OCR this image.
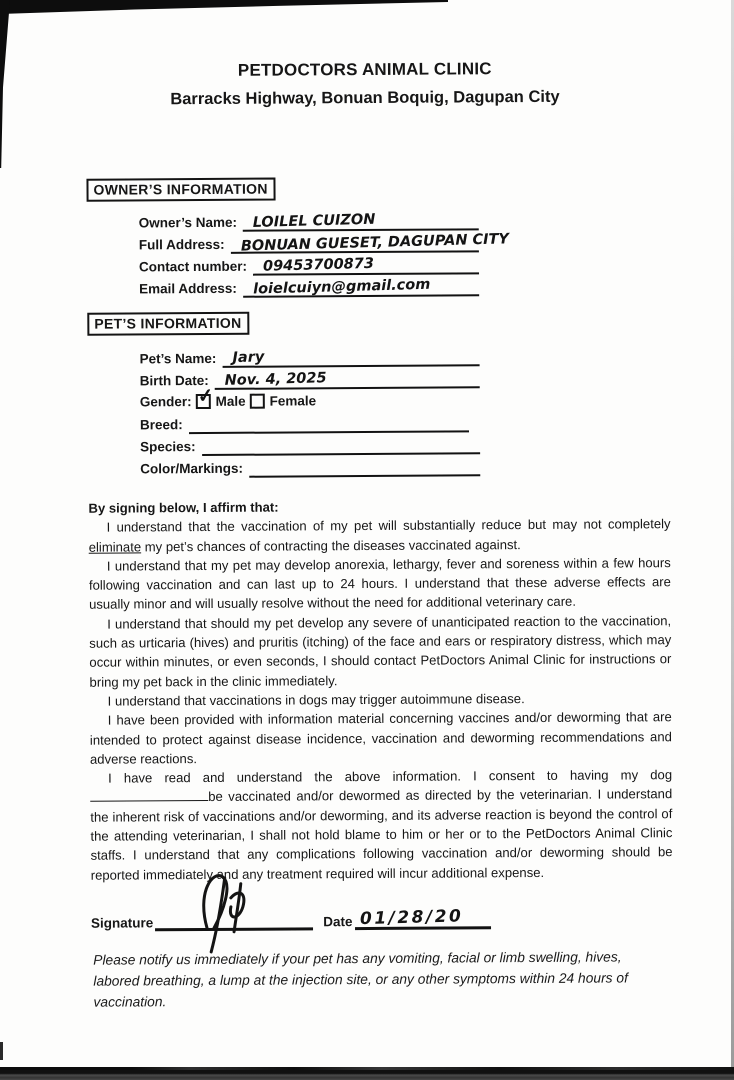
PETDOCTORS ANIMAL CLINIC
Barracks Highway, Bonuan Boquig, Dagupan City
OWNER’S INFORMATION
Owner’s Name:	LOILEL CUIZON
Full Address:	BONUAN GUESET, DAGUPAN CITY
Contact number:	09453700873
Email Address:	loielcuiyn@gmail.com
PET’S INFORMATION
Pet’s Name:	Jary
Birth Date:	Nov. 4, 2025
Gender: ✓ Male Female
Breed:
Species:
Color/Markings:

By signing below, I affirm that:

I understand that the vaccination of my pet will substantially reduce but may not completely eliminate my pet’s chances of contracting the diseases vaccinated against.

I understand that my pet may develop anorexia, lethargy, fever and soreness within a few hours following vaccination and can last up to 24 hours. I understand that these adverse effects are usually minor and will usually resolve without the need for additional veterinary care.

I understand that should my pet develop any severe of unanticipated reaction to the vaccination, such as urticaria (hives) and pruritis (itching) of the face and ears or respiratory distress, which may occur within minutes, or even seconds, I should contact PetDoctors Animal Clinic for instructions or bring my pet back in the clinic immediately.

I understand that vaccinations in dogs may trigger autoimmune disease.

I have been provided with information material concerning vaccines and/or deworming that are intended to protect against disease incidence, vaccination and deworming recommendations and adverse reactions.

I have read and understand the above information. I consent to having my dog be vaccinated and/or dewormed as directed by the veterinarian. I understand the inherent risk of vaccinations and/or deworming, and its adverse reaction is beyond the control of the attending veterinarian, I shall not hold blame to him or her or to the PetDoctors Animal Clinic staffs. I understand that any complications following vaccination and/or deworming should be reported immediately and any treatment required will incur additional expense.

Signature	Date 01/28/20
Please notify us immediately if your pet has any vomiting, facial or limb swelling, hives, labored breathing, a lump at the injection site, or any other symptoms within 24 hours of vaccination.
